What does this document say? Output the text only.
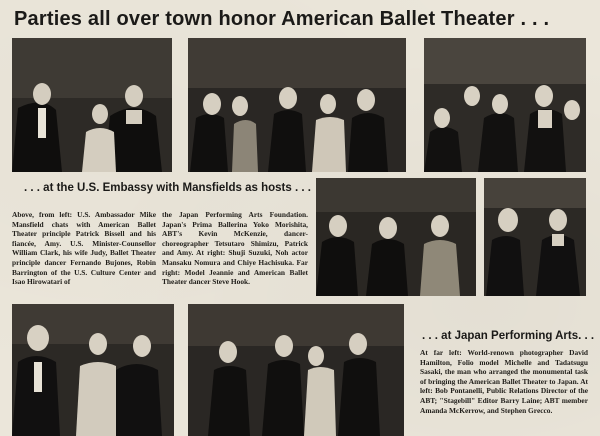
Parties all over town honor American Ballet Theater . . .
. . . at the U.S. Embassy with Mansfields as hosts . . .
Above, from left: U.S. Ambassador Mike Mansfield chats with American Ballet Theater principle Patrick Bissell and his fiancée, Amy. U.S. Minister-Counsellor William Clark, his wife Judy, Ballet Theater principle dancer Fernando Bujones, Robin Barrington of the U.S. Culture Center and Isao Hirowatari of
the Japan Performing Arts Foundation. Japan's Prima Ballerina Yoko Morishita, ABT's Kevin McKenzie, dancer-choreographer Tetsutaro Shimizu, Patrick and Amy. At right: Shuji Suzuki, Noh actor Mansaku Nomura and Chiye Hachisuka. Far right: Model Jeannie and American Ballet Theater dancer Steve Hook.
. . . at Japan Performing Arts. . .
At far left: World-renown photographer David Hamilton, Folio model Michelle and Tadatsugu Sasaki, the man who arranged the monumental task of bringing the American Ballet Theater to Japan. At left: Bob Pontanelli, Public Relations Director of the ABT; "Stagebill" Editor Barry Laine; ABT member Amanda McKerrow, and Stephen Grecco.
